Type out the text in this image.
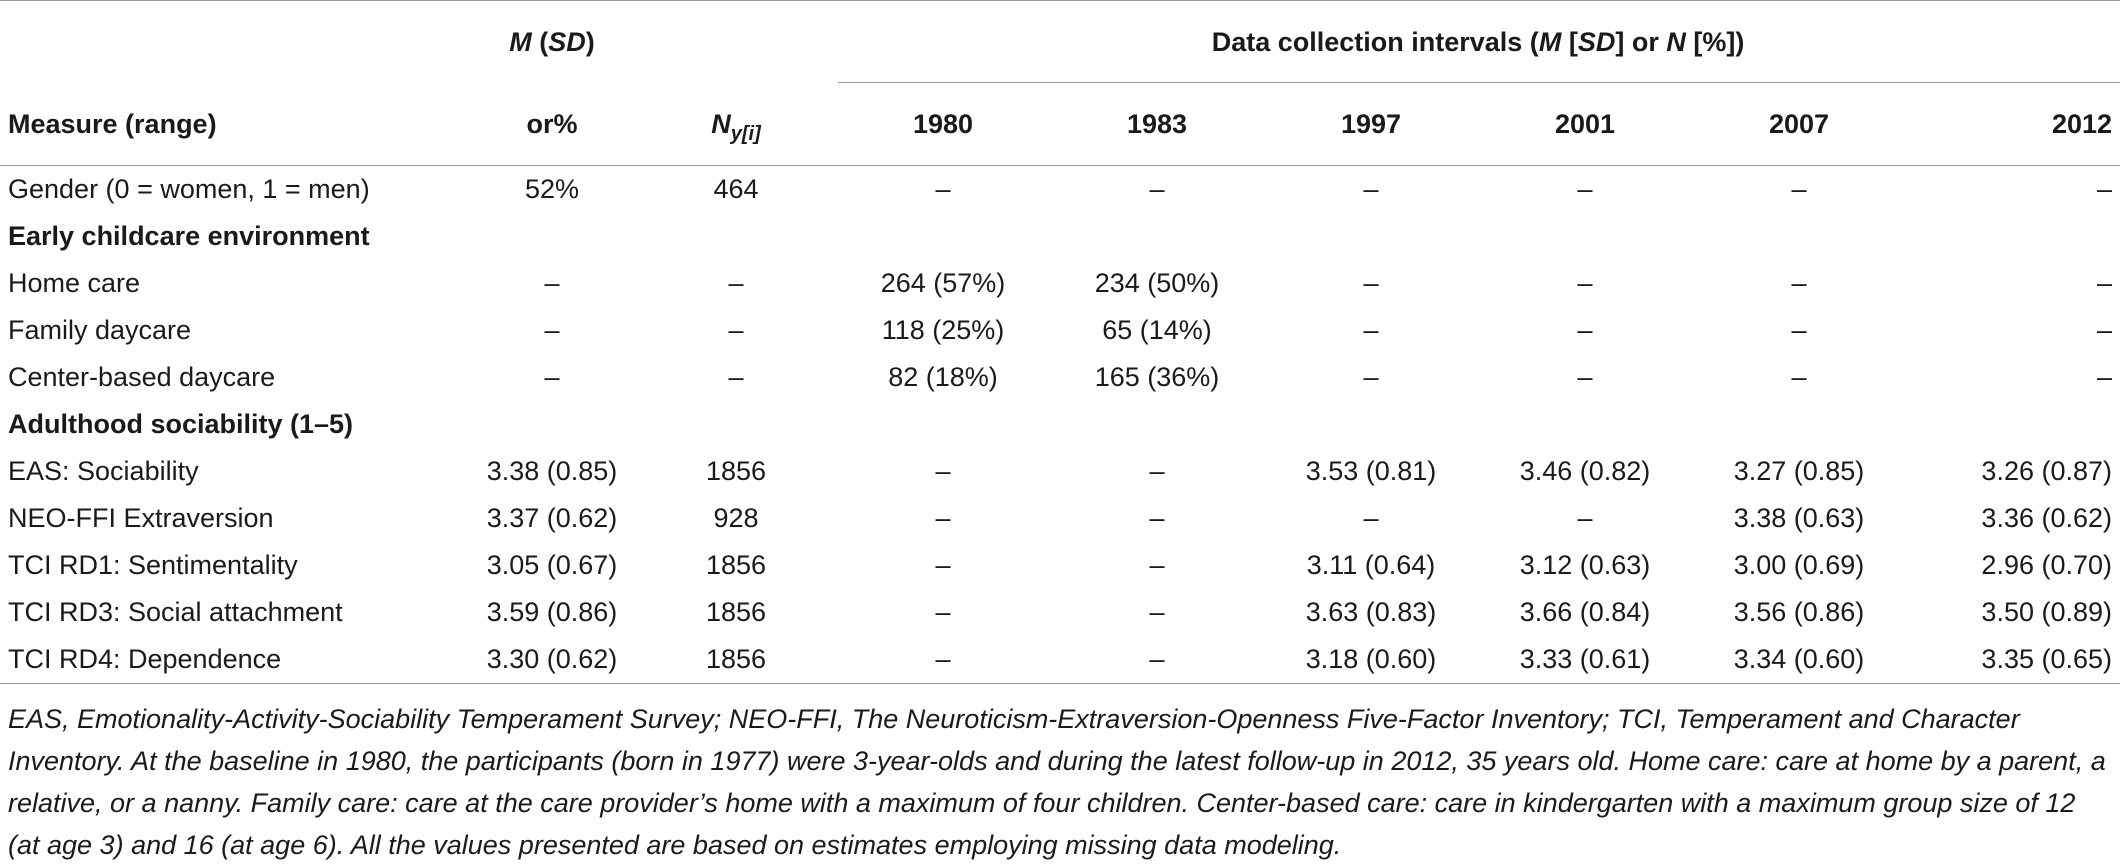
	M (SD)		Data collection intervals (M [SD] or N [%])					
Measure (range)	or%	$N_{y[i]}$	1980	1983	1997	2001	2007	2012
Gender (0 = women, 1 = men)	52%	464	–	–	–	–	–	–
Early childcare environment								
Home care	–	–	264 (57%)	234 (50%)	–	–	–	–
Family daycare	–	–	118 (25%)	65 (14%)	–	–	–	–
Center-based daycare	–	–	82 (18%)	165 (36%)	–	–	–	–
Adulthood sociability (1–5)								
EAS: Sociability	3.38 (0.85)	1856	–	–	3.53 (0.81)	3.46 (0.82)	3.27 (0.85)	3.26 (0.87)
NEO-FFI Extraversion	3.37 (0.62)	928	–	–	–	–	3.38 (0.63)	3.36 (0.62)
TCI RD1: Sentimentality	3.05 (0.67)	1856	–	–	3.11 (0.64)	3.12 (0.63)	3.00 (0.69)	2.96 (0.70)
TCI RD3: Social attachment	3.59 (0.86)	1856	–	–	3.63 (0.83)	3.66 (0.84)	3.56 (0.86)	3.50 (0.89)
TCI RD4: Dependence	3.30 (0.62)	1856	–	–	3.18 (0.60)	3.33 (0.61)	3.34 (0.60)	3.35 (0.65)
EAS, Emotionality-Activity-Sociability Temperament Survey; NEO-FFI, The Neuroticism-Extraversion-Openness Five-Factor Inventory; TCI, Temperament and Character Inventory. At the baseline in 1980, the participants (born in 1977) were 3-year-olds and during the latest follow-up in 2012, 35 years old. Home care: care at home by a parent, a relative, or a nanny. Family care: care at the care provider’s home with a maximum of four children. Center-based care: care in kindergarten with a maximum group size of 12 (at age 3) and 16 (at age 6). All the values presented are based on estimates employing missing data modeling.
